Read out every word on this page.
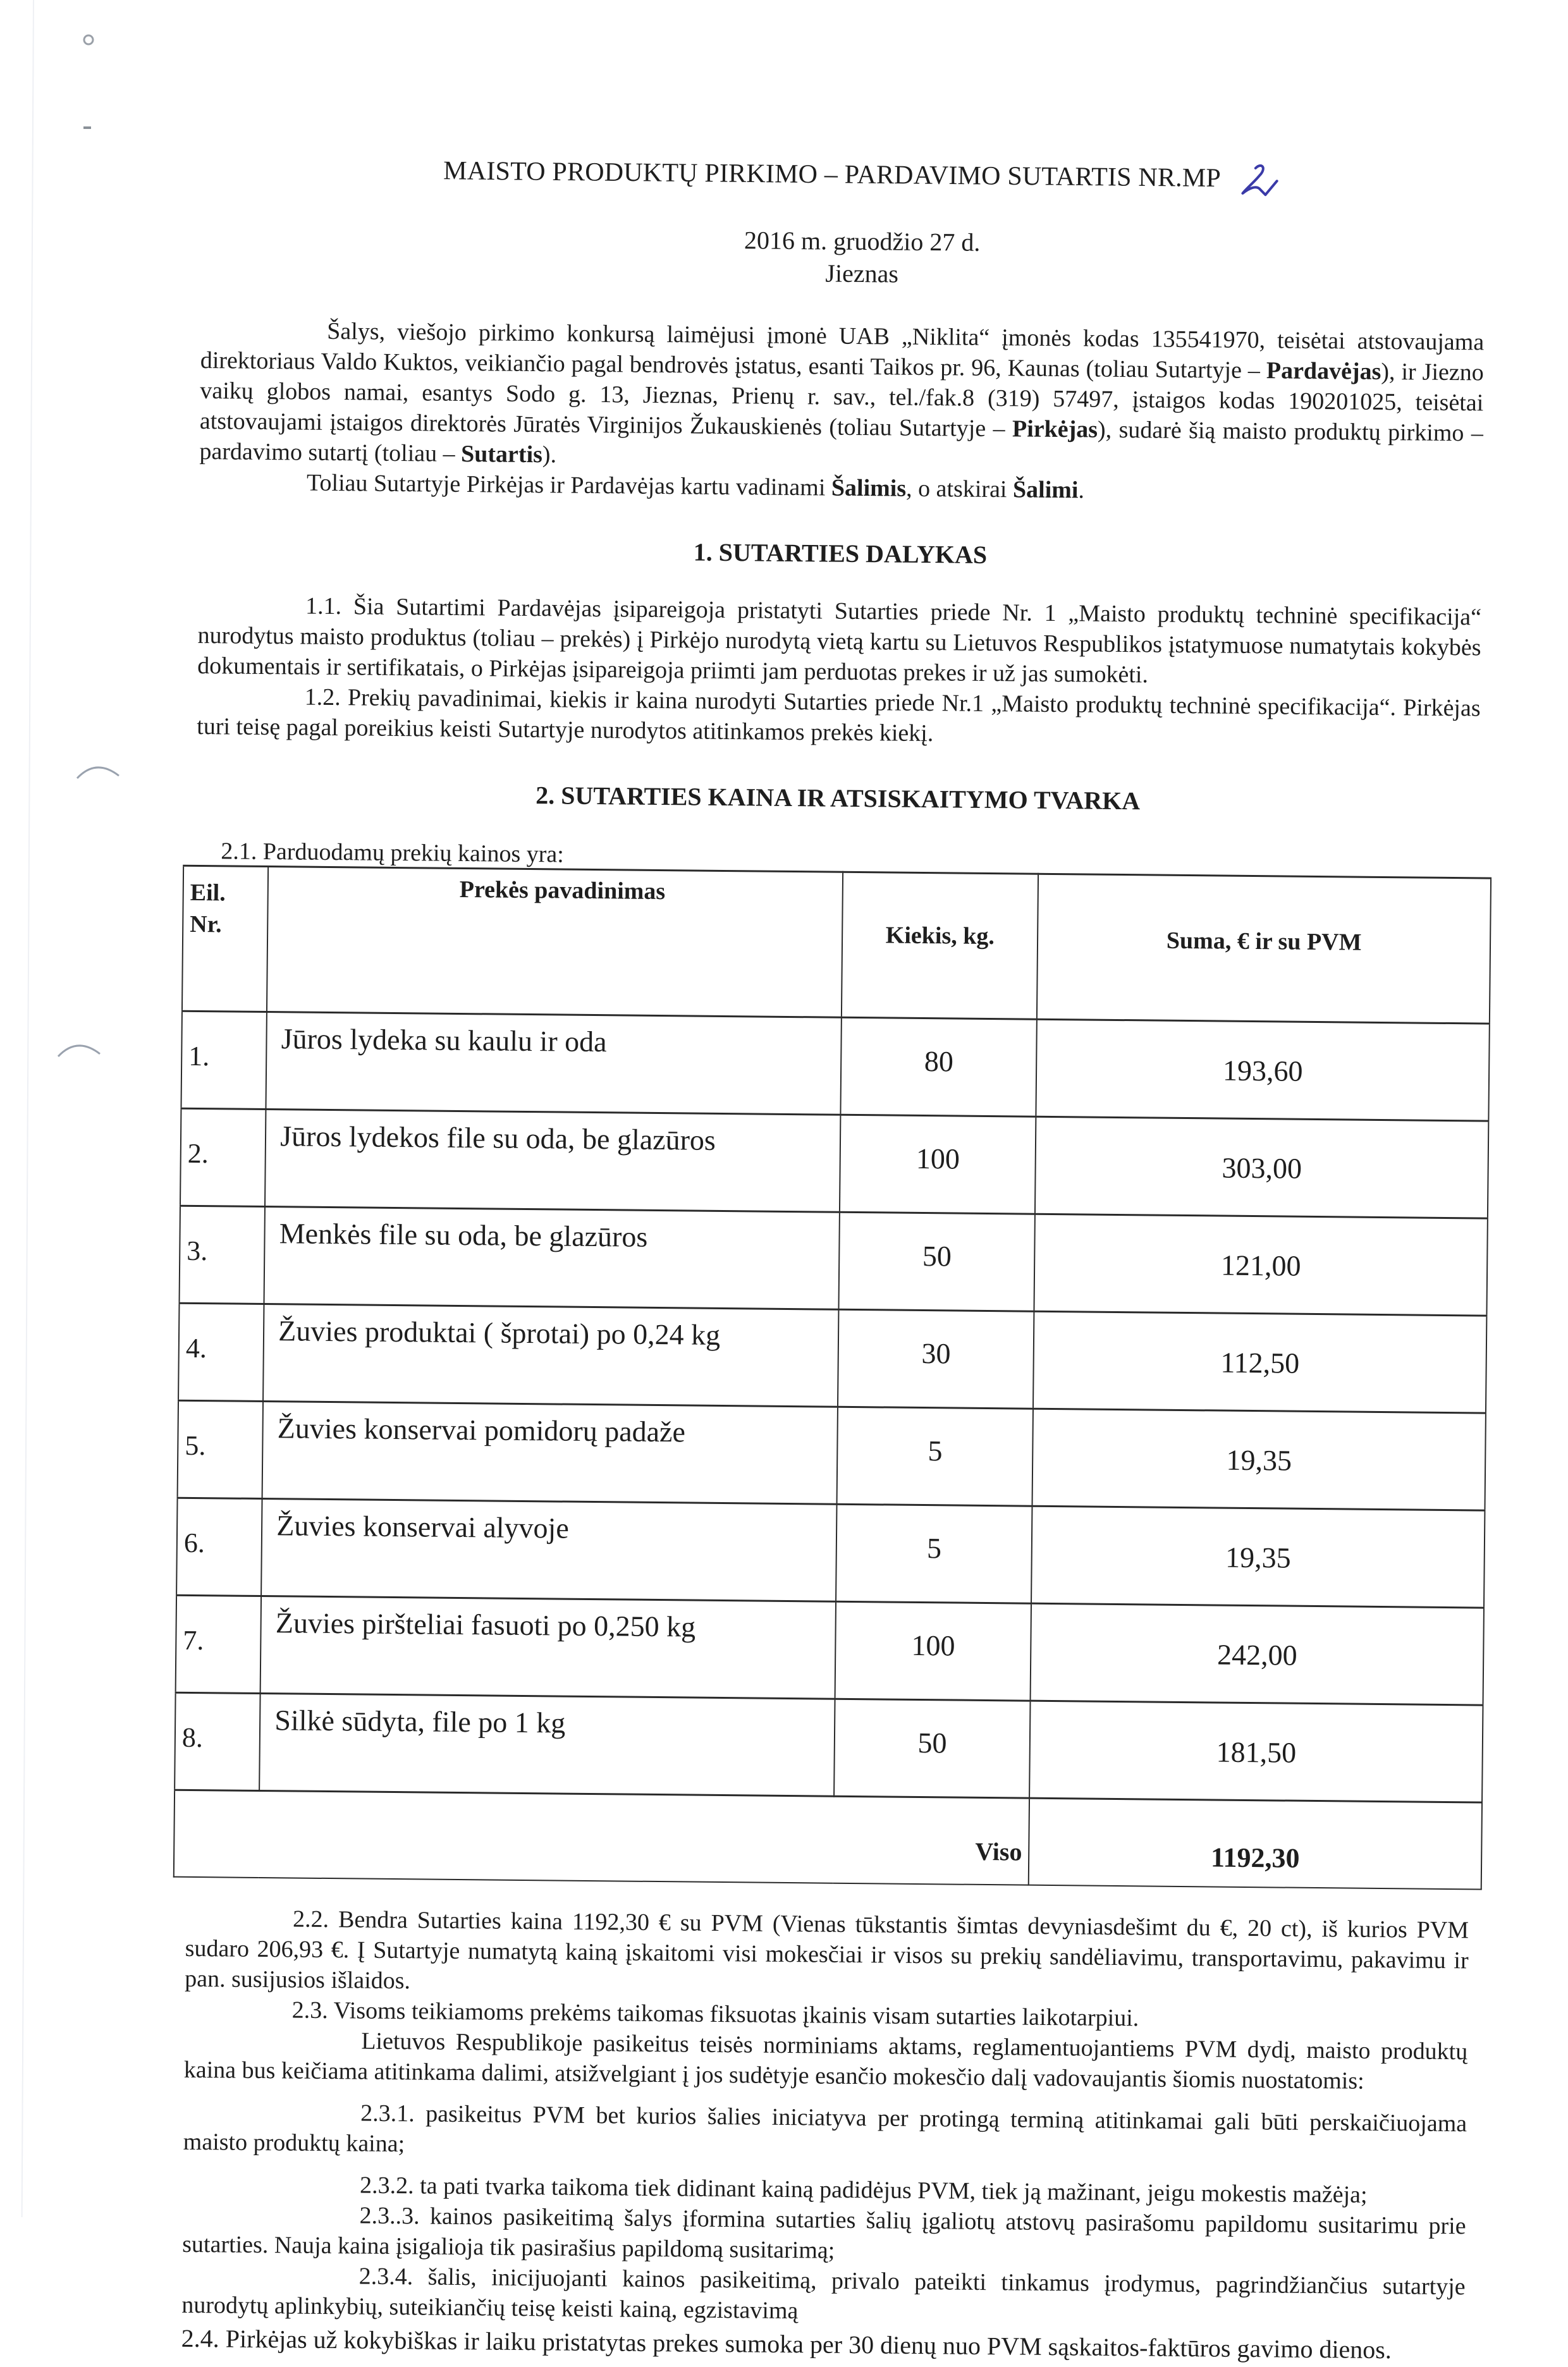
MAISTO PRODUKTŲ PIRKIMO – PARDAVIMO SUTARTIS NR.MP
2016 m. gruodžio 27 d.
Jieznas

Šalys, viešojo pirkimo konkursą laimėjusi įmonė UAB „Niklita“ įmonės kodas 135541970, teisėtai atstovaujama direktoriaus Valdo Kuktos, veikiančio pagal bendrovės įstatus, esanti Taikos pr. 96, Kaunas (toliau Sutartyje – Pardavėjas), ir Jiezno vaikų globos namai, esantys Sodo g. 13, Jieznas, Prienų r. sav., tel./fak.8 (319) 57497, įstaigos kodas 190201025, teisėtai atstovaujami įstaigos direktorės Jūratės Virginijos Žukauskienės (toliau Sutartyje – Pirkėjas), sudarė šią maisto produktų pirkimo – pardavimo sutartį (toliau – Sutartis).

Toliau Sutartyje Pirkėjas ir Pardavėjas kartu vadinami Šalimis, o atskirai Šalimi.

1. SUTARTIES DALYKAS

1.1. Šia Sutartimi Pardavėjas įsipareigoja pristatyti Sutarties priede Nr. 1 „Maisto produktų techninė specifikacija“ nurodytus maisto produktus (toliau – prekės) į Pirkėjo nurodytą vietą kartu su Lietuvos Respublikos įstatymuose numatytais kokybės dokumentais ir sertifikatais, o Pirkėjas įsipareigoja priimti jam perduotas prekes ir už jas sumokėti.

1.2. Prekių pavadinimai, kiekis ir kaina nurodyti Sutarties priede Nr.1 „Maisto produktų techninė specifikacija“. Pirkėjas turi teisę pagal poreikius keisti Sutartyje nurodytos atitinkamos prekės kiekį.

2. SUTARTIES KAINA IR ATSISKAITYMO TVARKA
2.1. Parduodamų prekių kainos yra:
Eil.
Nr.	Prekės pavadinimas	Kiekis, kg.	Suma, € ir su PVM
1.	Jūros lydeka su kaulu ir oda	80	193,60
2.	Jūros lydekos file su oda, be glazūros	100	303,00
3.	Menkės file su oda, be glazūros	50	121,00
4.	Žuvies produktai ( šprotai) po 0,24 kg	30	112,50
5.	Žuvies konservai pomidorų padaže	5	19,35
6.	Žuvies konservai alyvoje	5	19,35
7.	Žuvies piršteliai fasuoti po 0,250 kg	100	242,00
8.	Silkė sūdyta, file po 1 kg	50	181,50
		Viso	1192,30

2.2. Bendra Sutarties kaina 1192,30 € su PVM (Vienas tūkstantis šimtas devyniasdešimt du €, 20 ct), iš kurios PVM sudaro 206,93 €. Į Sutartyje numatytą kainą įskaitomi visi mokesčiai ir visos su prekių sandėliavimu, transportavimu, pakavimu ir pan. susijusios išlaidos.

2.3. Visoms teikiamoms prekėms taikomas fiksuotas įkainis visam sutarties laikotarpiui.

Lietuvos Respublikoje pasikeitus teisės norminiams aktams, reglamentuojantiems PVM dydį, maisto produktų kaina bus keičiama atitinkama dalimi, atsižvelgiant į jos sudėtyje esančio mokesčio dalį vadovaujantis šiomis nuostatomis:

2.3.1. pasikeitus PVM bet kurios šalies iniciatyva per protingą terminą atitinkamai gali būti perskaičiuojama maisto produktų kaina;

2.3.2. ta pati tvarka taikoma tiek didinant kainą padidėjus PVM, tiek ją mažinant, jeigu mokestis mažėja;

2.3..3. kainos pasikeitimą šalys įformina sutarties šalių įgaliotų atstovų pasirašomu papildomu susitarimu prie sutarties. Nauja kaina įsigalioja tik pasirašius papildomą susitarimą;

2.3.4. šalis, inicijuojanti kainos pasikeitimą, privalo pateikti tinkamus įrodymus, pagrindžiančius sutartyje nurodytų aplinkybių, suteikiančių teisę keisti kainą, egzistavimą

2.4. Pirkėjas už kokybiškas ir laiku pristatytas prekes sumoka per 30 dienų nuo PVM sąskaitos-faktūros gavimo dienos.
